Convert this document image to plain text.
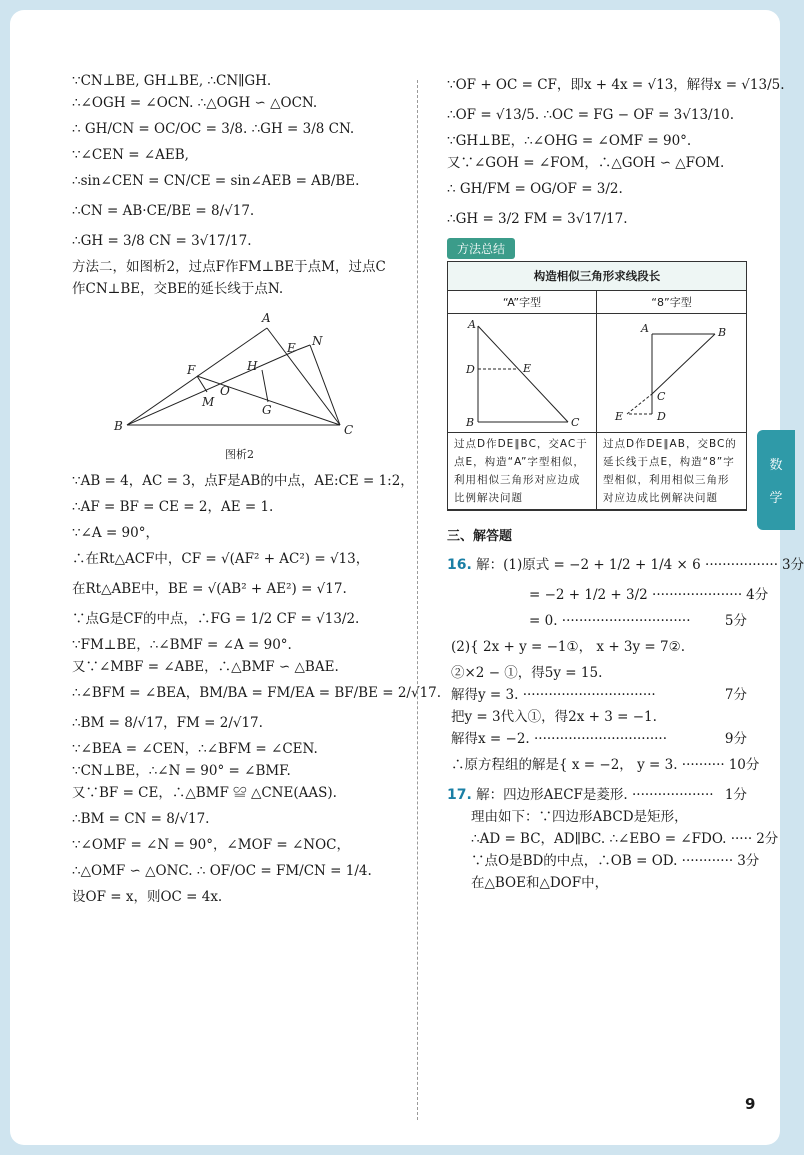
∵CN⊥BE, GH⊥BE, ∴CN∥GH.
∴∠OGH = ∠OCN. ∴△OGH ∽ △OCN.
∴ GH/CN = OC/OC = 3/8. ∴GH = 3/8 CN.
∵∠CEN = ∠AEB,
∴sin∠CEN = CN/CE = sin∠AEB = AB/BE.
∴CN = AB·CE/BE = 8/√17.
∴GH = 3/8 CN = 3√17/17.
方法二，如图析2，过点F作FM⊥BE于点M，过点C
作CN⊥BE，交BE的延长线于点N.
A
B	C
E N
F	H
O
M
G
图析2
∵AB = 4，AC = 3，点F是AB的中点，AE:CE = 1:2，
∴AF = BF = CE = 2，AE = 1.
∵∠A = 90°，
∴在Rt△ACF中，CF = √(AF² + AC²) = √13，
在Rt△ABE中，BE = √(AB² + AE²) = √17.
∵点G是CF的中点，∴FG = 1/2 CF = √13/2.
∵FM⊥BE，∴∠BMF = ∠A = 90°.
又∵∠MBF = ∠ABE，∴△BMF ∽ △BAE.
∴∠BFM = ∠BEA，BM/BA = FM/EA = BF/BE = 2/√17.
∴BM = 8/√17，FM = 2/√17.
∵∠BEA = ∠CEN，∴∠BFM = ∠CEN.
∵CN⊥BE，∴∠N = 90° = ∠BMF.
又∵BF = CE，∴△BMF ≌ △CNE(AAS).
∴BM = CN = 8/√17.
∵∠OMF = ∠N = 90°，∠MOF = ∠NOC，
∴△OMF ∽ △ONC. ∴ OF/OC = FM/CN = 1/4.
设OF = x，则OC = 4x.
∵OF + OC = CF，即x + 4x = √13，解得x = √13/5.
∴OF = √13/5. ∴OC = FG − OF = 3√13/10.
∵GH⊥BE，∴∠OHG = ∠OMF = 90°.
又∵∠GOH = ∠FOM，∴△GOH ∽ △FOM.
∴ GH/FM = OG/OF = 3/2.
∴GH = 3/2 FM = 3√17/17.
方法总结
构造相似三角形求线段长
“A”字型	“8”字型
A
D	E
B	C
A	B
C
E	D
过点D作DE∥BC，交AC于点E，构造“A”字型相似，利用相似三角形对应边成比例解决问题
过点D作DE∥AB，交BC的延长线于点E，构造“8”字型相似，利用相似三角形对应边成比例解决问题
三、解答题
16. 解：(1)原式 = −2 + 1/2 + 1/4 × 6 ················· 3分
= −2 + 1/2 + 3/2 ····················· 4分
= 0. ······························	5分
(2){ 2x + y = −1①， x + 3y = 7②.
②×2 − ①，得5y = 15.
解得y = 3. ·······························	7分
把y = 3代入①，得2x + 3 = −1.
解得x = −2. ·······························	9分
∴原方程组的解是{ x = −2， y = 3. ·········· 10分
17. 解：四边形AECF是菱形. ··················· 1分
理由如下：∵四边形ABCD是矩形，
∴AD = BC，AD∥BC. ∴∠EBO = ∠FDO. ····· 2分
∵点O是BD的中点，∴OB = OD. ············ 3分
在△BOE和△DOF中，
9
数
学
